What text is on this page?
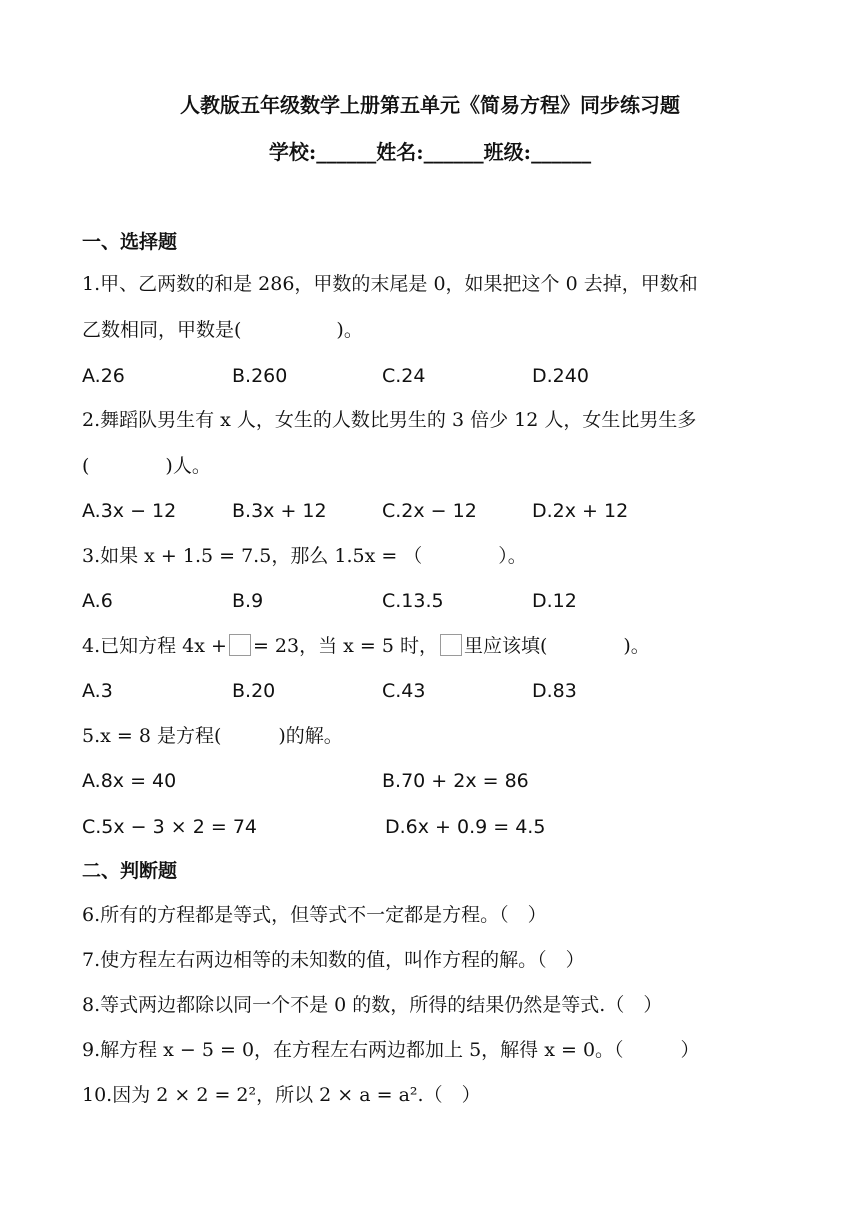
人教版五年级数学上册第五单元《简易方程》同步练习题
学校:______姓名:______班级:______
一、选择题
1.甲、乙两数的和是 286，甲数的末尾是 0，如果把这个 0 去掉，甲数和
乙数相同，甲数是(　　　　　)。
A.26	B.260	C.24	D.240
2.舞蹈队男生有 x 人，女生的人数比男生的 3 倍少 12 人，女生比男生多
(　　　　)人。
A.3x − 12	B.3x + 12	C.2x − 12	D.2x + 12
3.如果 x + 1.5 = 7.5，那么 1.5x = （　　　　）。
A.6	B.9	C.13.5	D.12
4.已知方程 4x + = 23，当 x = 5 时， 里应该填(　　　　)。
A.3	B.20	C.43	D.83
5.x = 8 是方程(　　　)的解。
A.8x = 40	B.70 + 2x = 86
C.5x − 3 × 2 = 74	D.6x + 0.9 = 4.5
二、判断题
6.所有的方程都是等式，但等式不一定都是方程。（　）
7.使方程左右两边相等的未知数的值，叫作方程的解。（　）
8.等式两边都除以同一个不是 0 的数，所得的结果仍然是等式.（　）
9.解方程 x − 5 = 0，在方程左右两边都加上 5，解得 x = 0。（　　　）
10.因为 2 × 2 = 2²，所以 2 × a = a².（　）
